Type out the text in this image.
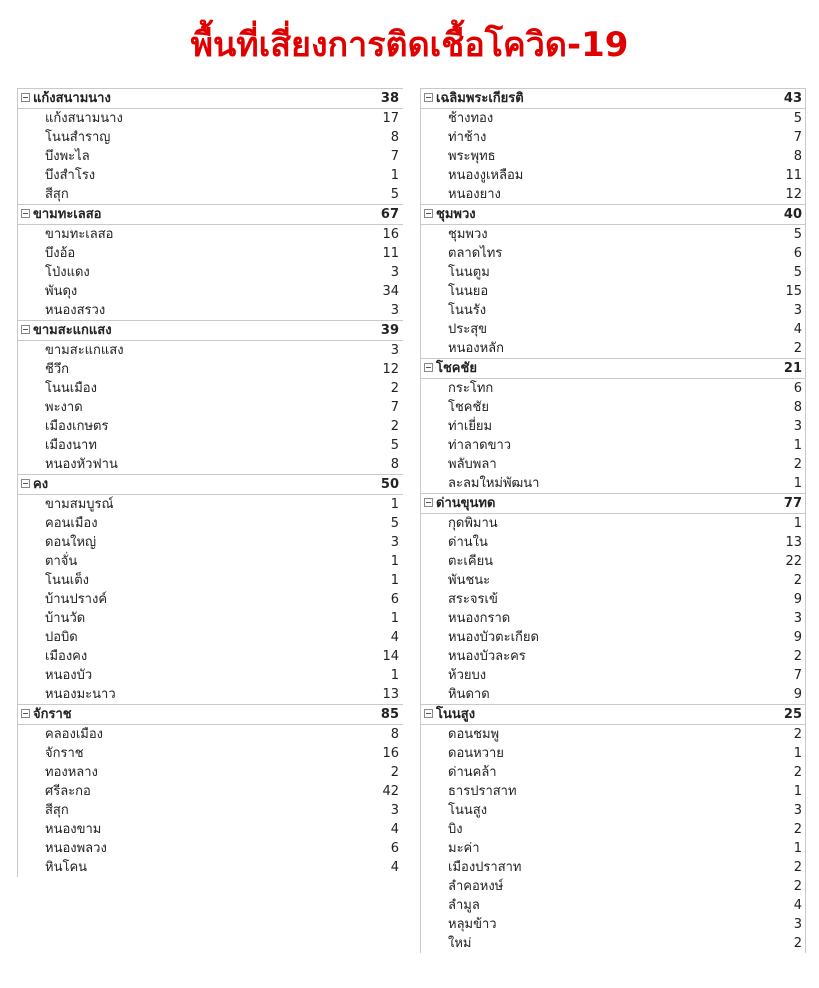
พื้นที่เสี่ยงการติดเชื้อโควิด-19
แก้งสนามนาง	38
แก้งสนามนาง	17
โนนสำราญ	8
บึงพะไล	7
บึงสำโรง	1
สีสุก	5
ขามทะเลสอ	67
ขามทะเลสอ	16
บึงอ้อ	11
โป่งแดง	3
พันดุง	34
หนองสรวง	3
ขามสะแกแสง	39
ขามสะแกแสง	3
ชีวึก	12
โนนเมือง	2
พะงาด	7
เมืองเกษตร	2
เมืองนาท	5
หนองหัวฟาน	8
คง	50
ขามสมบูรณ์	1
คอนเมือง	5
ดอนใหญ่	3
ตาจั่น	1
โนนเต็ง	1
บ้านปรางค์	6
บ้านวัด	1
ปอบิด	4
เมืองคง	14
หนองบัว	1
หนองมะนาว	13
จักราช	85
คลองเมือง	8
จักราช	16
ทองหลาง	2
ศรีละกอ	42
สีสุก	3
หนองขาม	4
หนองพลวง	6
หินโคน	4
เฉลิมพระเกียรติ	43
ช้างทอง	5
ท่าช้าง	7
พระพุทธ	8
หนองงูเหลือม	11
หนองยาง	12
ชุมพวง	40
ชุมพวง	5
ตลาดไทร	6
โนนตูม	5
โนนยอ	15
โนนรัง	3
ประสุข	4
หนองหลัก	2
โชคชัย	21
กระโทก	6
โชคชัย	8
ท่าเยี่ยม	3
ท่าลาดขาว	1
พลับพลา	2
ละลมใหม่พัฒนา	1
ด่านขุนทด	77
กุดพิมาน	1
ด่านใน	13
ตะเคียน	22
พันชนะ	2
สระจรเข้	9
หนองกราด	3
หนองบัวตะเกียด	9
หนองบัวละคร	2
ห้วยบง	7
หินดาด	9
โนนสูง	25
ดอนชมพู	2
ดอนหวาย	1
ด่านคล้า	2
ธารปราสาท	1
โนนสูง	3
บิง	2
มะค่า	1
เมืองปราสาท	2
ลำคอหงษ์	2
ลำมูล	4
หลุมข้าว	3
ใหม่	2
